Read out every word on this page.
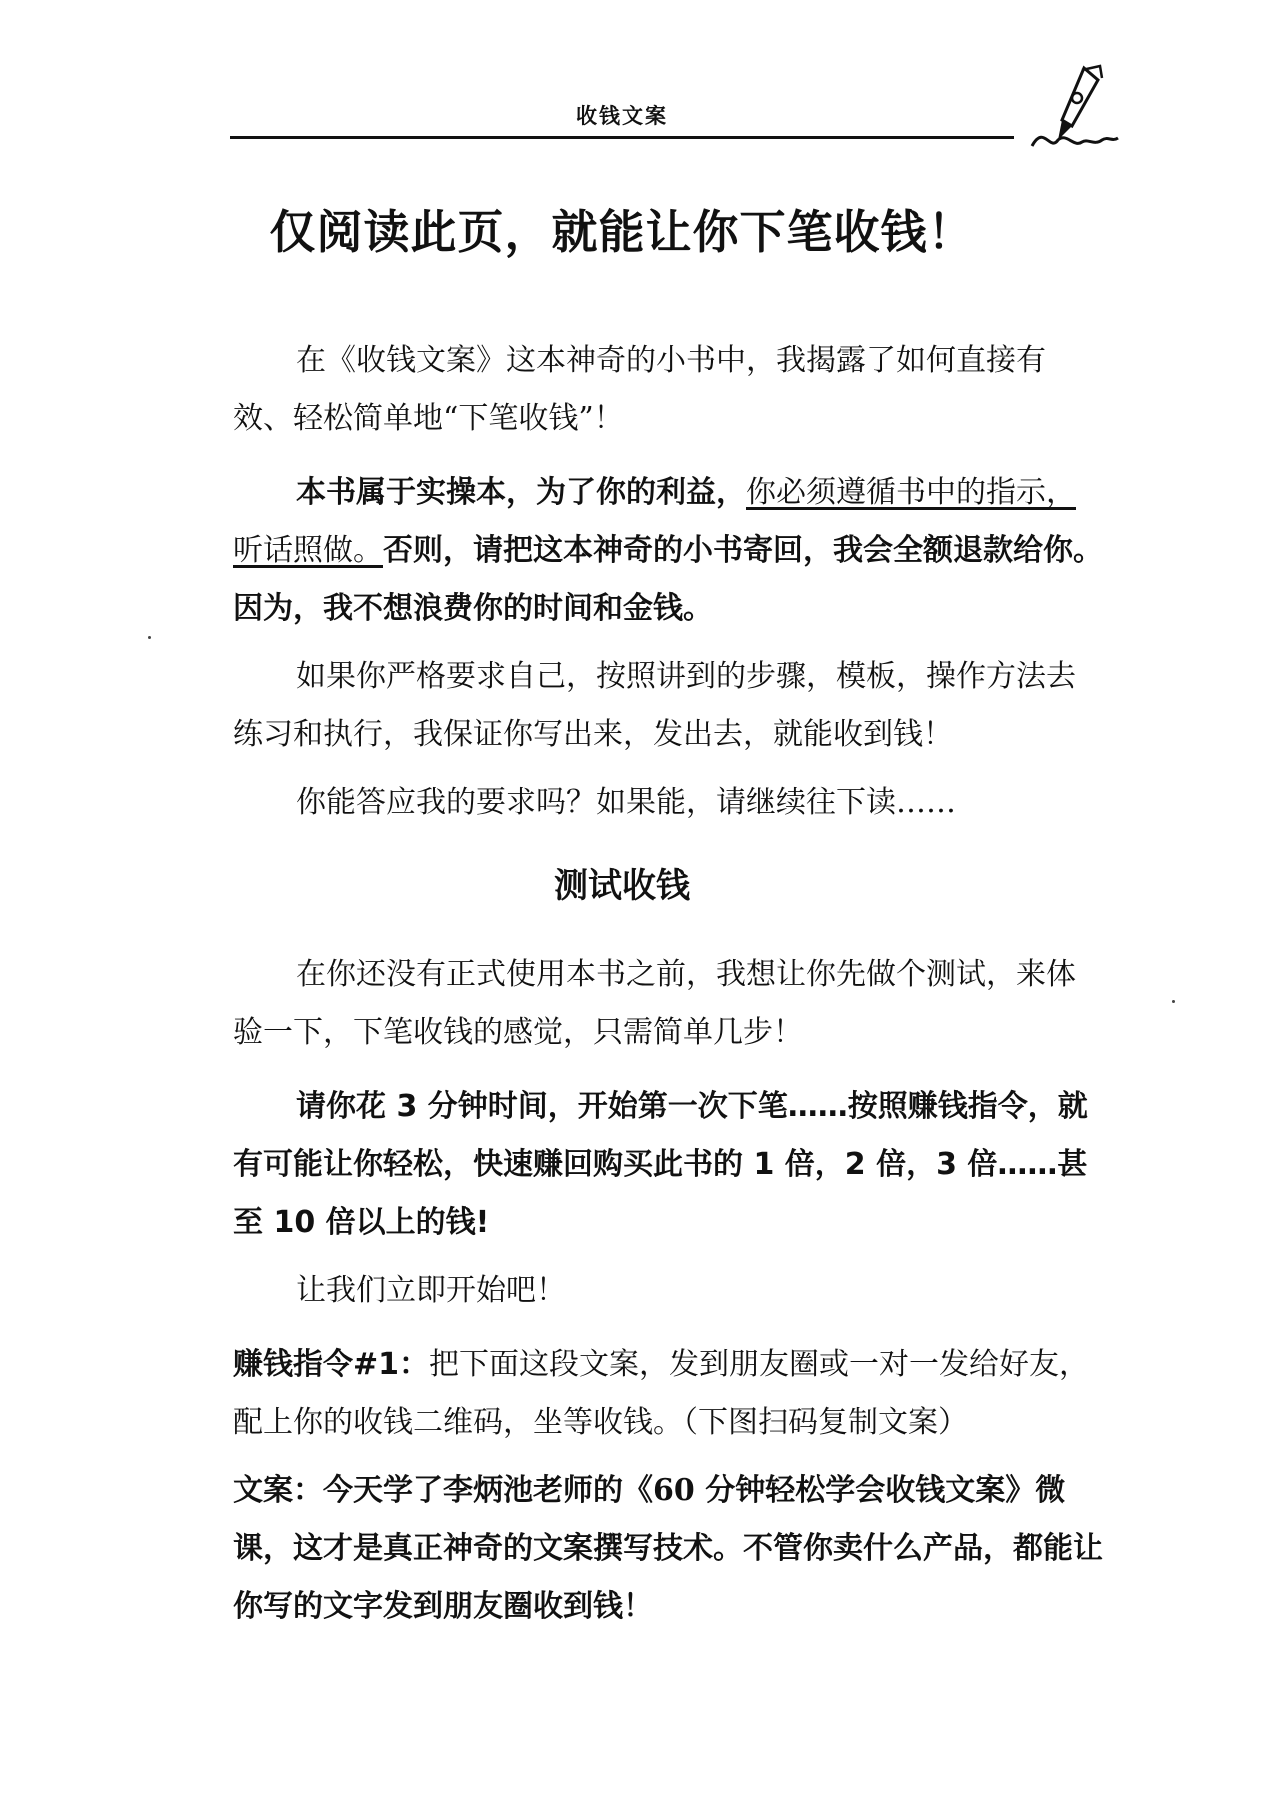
收钱文案
仅阅读此页，就能让你下笔收钱！

在《收钱文案》这本神奇的小书中，我揭露了如何直接有效、轻松简单地“下笔收钱”！

本书属于实操本，为了你的利益，你必须遵循书中的指示，听话照做。否则，请把这本神奇的小书寄回，我会全额退款给你。因为，我不想浪费你的时间和金钱。

如果你严格要求自己，按照讲到的步骤，模板，操作方法去练习和执行，我保证你写出来，发出去，就能收到钱！

你能答应我的要求吗？如果能，请继续往下读……

测试收钱

在你还没有正式使用本书之前，我想让你先做个测试，来体验一下，下笔收钱的感觉，只需简单几步！

请你花 3 分钟时间，开始第一次下笔……按照赚钱指令，就有可能让你轻松，快速赚回购买此书的 1 倍，2 倍，3 倍……甚至 10 倍以上的钱!

让我们立即开始吧！

赚钱指令#1：把下面这段文案，发到朋友圈或一对一发给好友，配上你的收钱二维码，坐等收钱。（下图扫码复制文案）

文案：今天学了李炳池老师的《60 分钟轻松学会收钱文案》微课，这才是真正神奇的文案撰写技术。不管你卖什么产品，都能让你写的文字发到朋友圈收到钱！
